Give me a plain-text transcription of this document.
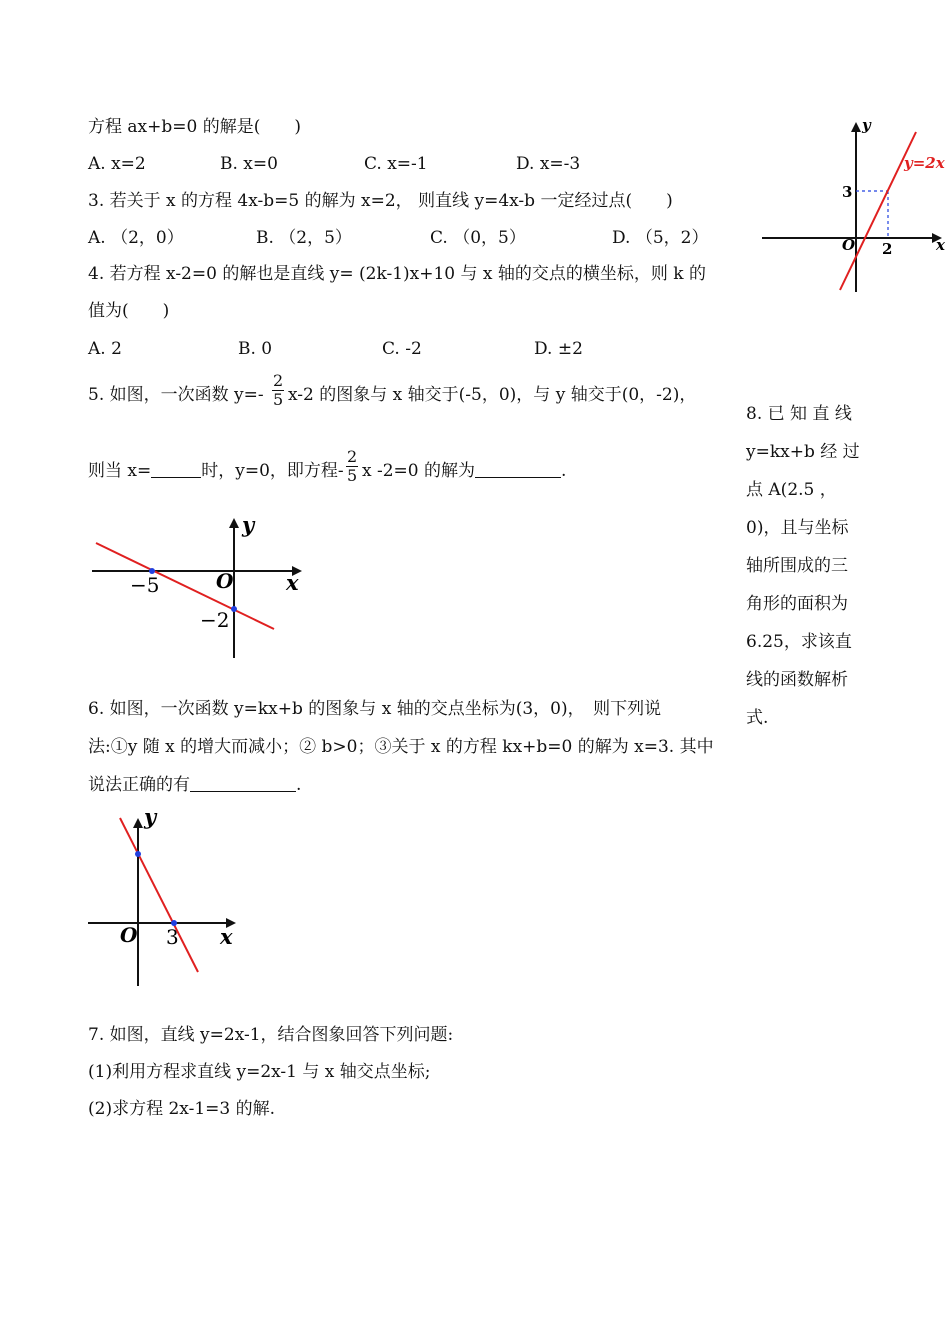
方程 ax+b=0 的解是(　　)
A. x=2	B. x=0	C. x=-1	D. x=-3
3. 若关于 x 的方程 4x-b=5 的解为 x=2， 则直线 y=4x-b 一定经过点(　　)
A. （2，0）	B. （2，5）	C. （0，5）	D. （5，2）
4. 若方程 x-2=0 的解也是直线 y= (2k-1)x+10 与 x 轴的交点的横坐标，则 k 的
值为(　　)
A. 2	B. 0	C. -2	D. ±2
5. 如图，一次函数 $y=- \frac{2}{5} x-2$ 的图象与 x 轴交于(-5，0)，与 y 轴交于(0，-2)，
则当 x=	时，y=0，即方程- $\frac{2}{5}$ x -2=0 的解为	.
y
x
O
−5
−2
6. 如图，一次函数 y=kx+b 的图象与 x 轴的交点坐标为(3，0)，　则下列说
法:①y 随 x 的增大而减小；② b>0；③关于 x 的方程 kx+b=0 的解为 x=3. 其中
说法正确的有	.
y
x
O 3
7. 如图，直线 y=2x-1，结合图象回答下列问题:
(1)利用方程求直线 y=2x-1 与 x 轴交点坐标;
(2)求方程 2x-1=3 的解.
y
x
O
3
2
y=2x
8. 已 知 直 线
y=kx+b 经 过
点 A(2.5 ，
0)，且与坐标
轴所围成的三
角形的面积为
6.25，求该直
线的函数解析
式.
